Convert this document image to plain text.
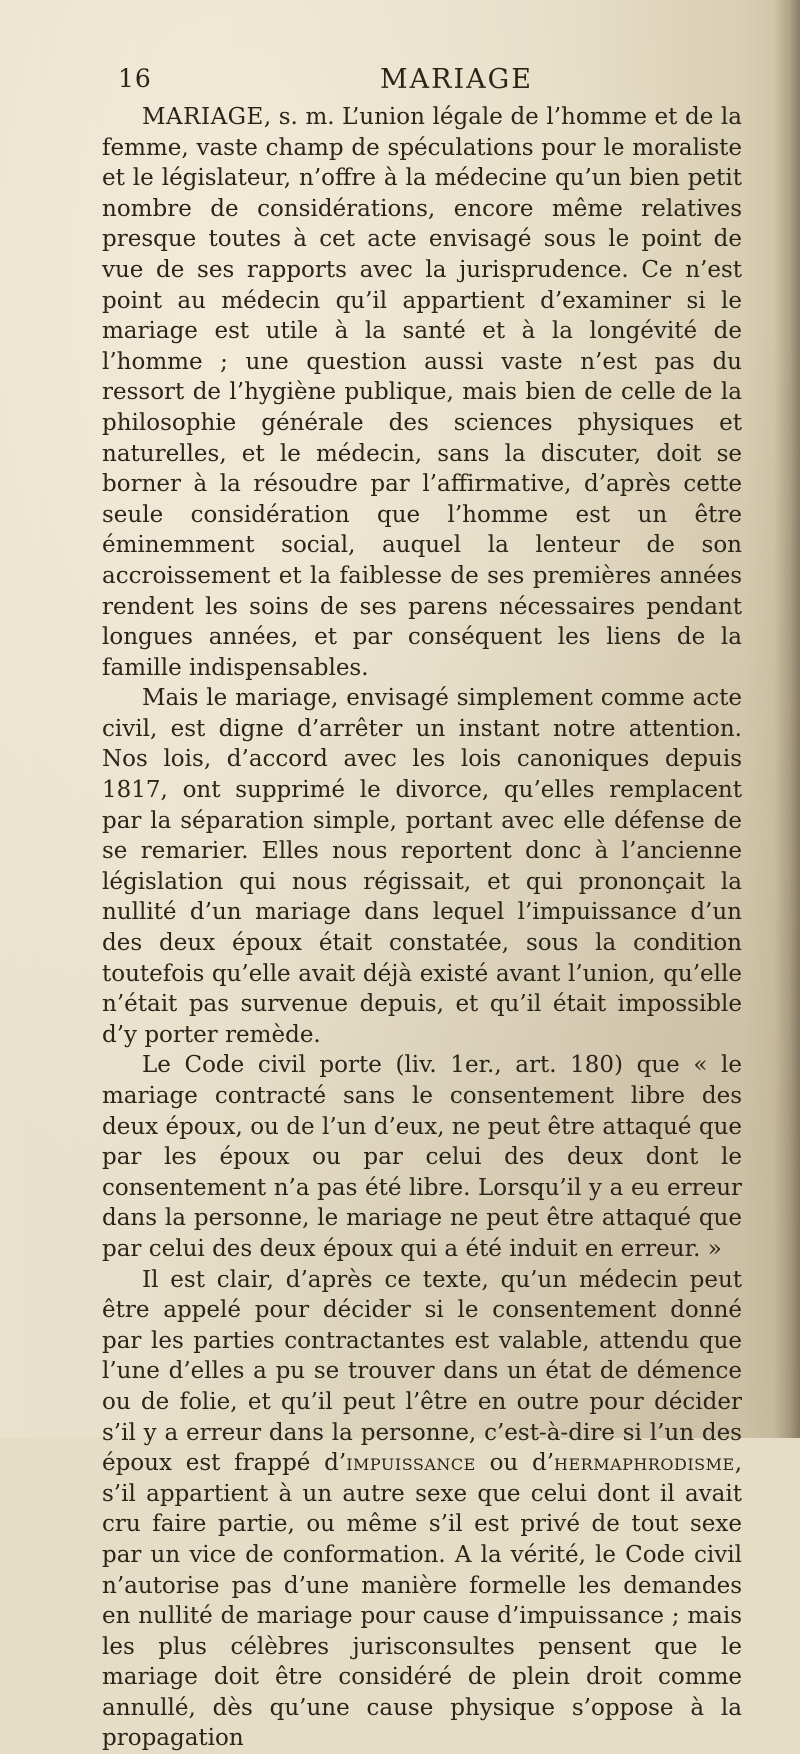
16	MARIAGE

MARIAGE, s. m. L’union légale de l’homme et de la femme, vaste champ de spéculations pour le moraliste et le législateur, n’offre à la médecine qu’un bien petit nombre de considérations, encore même relatives presque toutes à cet acte envisagé sous le point de vue de ses rapports avec la jurisprudence. Ce n’est point au médecin qu’il appartient d’examiner si le mariage est utile à la santé et à la longévité de l’homme ; une question aussi vaste n’est pas du ressort de l’hygiène publique, mais bien de celle de la philosophie générale des sciences physiques et naturelles, et le médecin, sans la discuter, doit se borner à la résoudre par l’affirmative, d’après cette seule considération que l’homme est un être éminemment social, auquel la lenteur de son accroissement et la faiblesse de ses premières années rendent les soins de ses parens nécessaires pendant longues années, et par conséquent les liens de la famille indispensables.

Mais le mariage, envisagé simplement comme acte civil, est digne d’arrêter un instant notre attention. Nos lois, d’accord avec les lois canoniques depuis 1817, ont supprimé le divorce, qu’elles remplacent par la séparation simple, portant avec elle défense de se remarier. Elles nous reportent donc à l’ancienne législation qui nous régissait, et qui prononçait la nullité d’un mariage dans lequel l’impuissance d’un des deux époux était constatée, sous la condition toutefois qu’elle avait déjà existé avant l’union, qu’elle n’était pas survenue depuis, et qu’il était impossible d’y porter remède.

Le Code civil porte (liv. 1er., art. 180) que « le mariage contracté sans le consentement libre des deux époux, ou de l’un d’eux, ne peut être attaqué que par les époux ou par celui des deux dont le consentement n’a pas été libre. Lorsqu’il y a eu erreur dans la personne, le mariage ne peut être attaqué que par celui des deux époux qui a été induit en erreur. »

Il est clair, d’après ce texte, qu’un médecin peut être appelé pour décider si le consentement donné par les parties contractantes est valable, attendu que l’une d’elles a pu se trouver dans un état de démence ou de folie, et qu’il peut l’être en outre pour décider s’il y a erreur dans la personne, c’est-à-dire si l’un des époux est frappé d’impuissance ou d’hermaphrodisme, s’il appartient à un autre sexe que celui dont il avait cru faire partie, ou même s’il est privé de tout sexe par un vice de conformation. A la vérité, le Code civil n’autorise pas d’une manière formelle les demandes en nullité de mariage pour cause d’impuissance ; mais les plus célèbres jurisconsultes pensent que le mariage doit être considéré de plein droit comme annullé, dès qu’une cause physique s’oppose à la propagation
